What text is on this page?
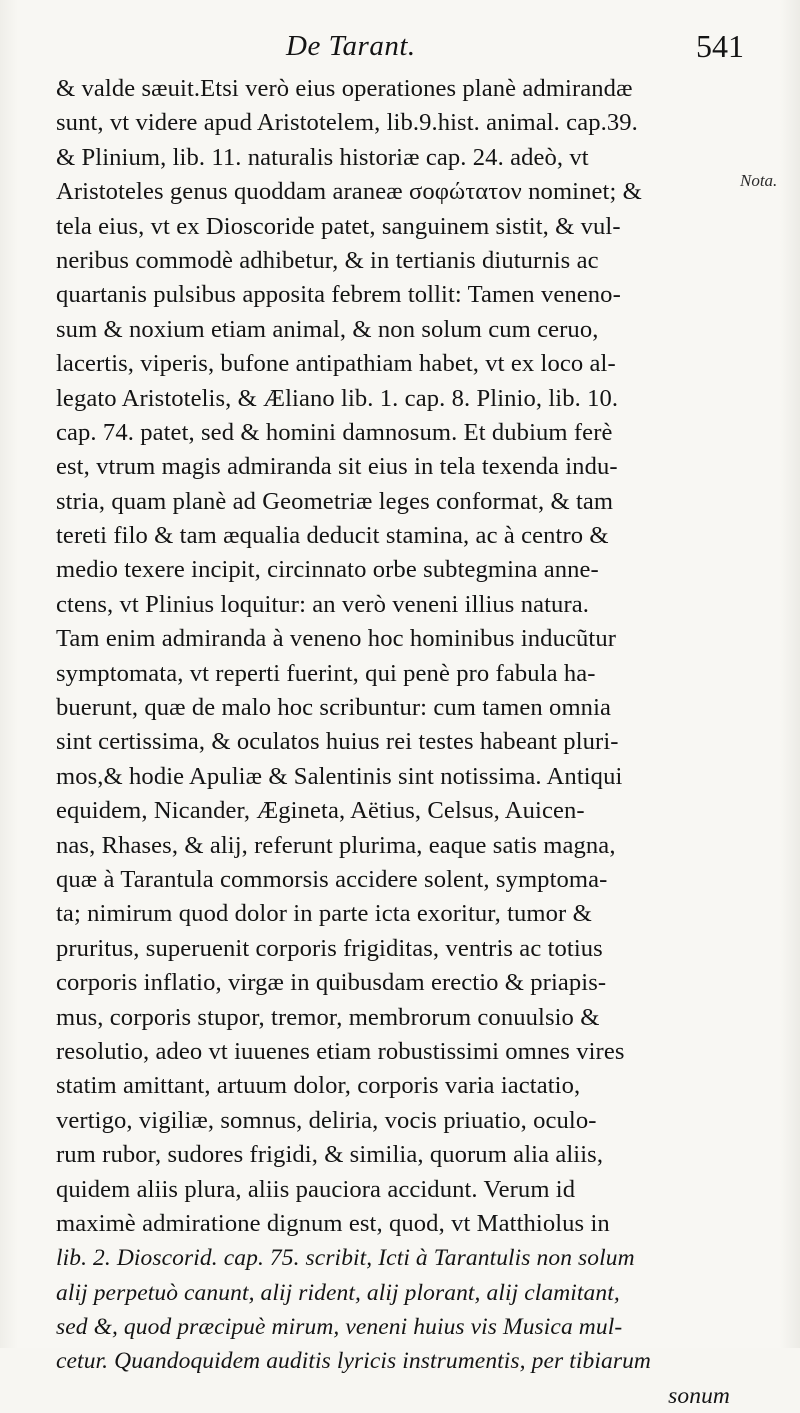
De Tarant.	541
Nota.
& valde sæuit.Etsi verò eius operationes planè admirandæ
sunt, vt videre apud Aristotelem, lib.9.hist. animal. cap.39.
& Plinium, lib. 11. naturalis historiæ cap. 24. adeò, vt
Aristoteles genus quoddam araneæ σοφώτατον nominet; &
tela eius, vt ex Dioscoride patet, sanguinem sistit, & vul-
neribus commodè adhibetur, & in tertianis diuturnis ac
quartanis pulsibus apposita febrem tollit: Tamen veneno-
sum & noxium etiam animal, & non solum cum ceruo,
lacertis, viperis, bufone antipathiam habet, vt ex loco al-
legato Aristotelis, & Æliano lib. 1. cap. 8. Plinio, lib. 10.
cap. 74. patet, sed & homini damnosum. Et dubium ferè
est, vtrum magis admiranda sit eius in tela texenda indu-
stria, quam planè ad Geometriæ leges conformat, & tam
tereti filo & tam æqualia deducit stamina, ac à centro &
medio texere incipit, circinnato orbe subtegmina anne-
ctens, vt Plinius loquitur: an verò veneni illius natura.
Tam enim admiranda à veneno hoc hominibus inducũtur
symptomata, vt reperti fuerint, qui penè pro fabula ha-
buerunt, quæ de malo hoc scribuntur: cum tamen omnia
sint certissima, & oculatos huius rei testes habeant pluri-
mos,& hodie Apuliæ & Salentinis sint notissima. Antiqui
equidem, Nicander, Ægineta, Aëtius, Celsus, Auicen-
nas, Rhases, & alij, referunt plurima, eaque satis magna,
quæ à Tarantula commorsis accidere solent, symptoma-
ta; nimirum quod dolor in parte icta exoritur, tumor &
pruritus, superuenit corporis frigiditas, ventris ac totius
corporis inflatio, virgæ in quibusdam erectio & priapis-
mus, corporis stupor, tremor, membrorum conuulsio &
resolutio, adeo vt iuuenes etiam robustissimi omnes vires
statim amittant, artuum dolor, corporis varia iactatio,
vertigo, vigiliæ, somnus, deliria, vocis priuatio, oculo-
rum rubor, sudores frigidi, & similia, quorum alia aliis,
quidem aliis plura, aliis pauciora accidunt. Verum id
maximè admiratione dignum est, quod, vt Matthiolus in
lib. 2. Dioscorid. cap. 75. scribit, Icti à Tarantulis non solum
alij perpetuò canunt, alij rident, alij plorant, alij clamitant,
sed &, quod præcipuè mirum, veneni huius vis Musica mul-
cetur. Quandoquidem auditis lyricis instrumentis, per tibiarum
sonum
